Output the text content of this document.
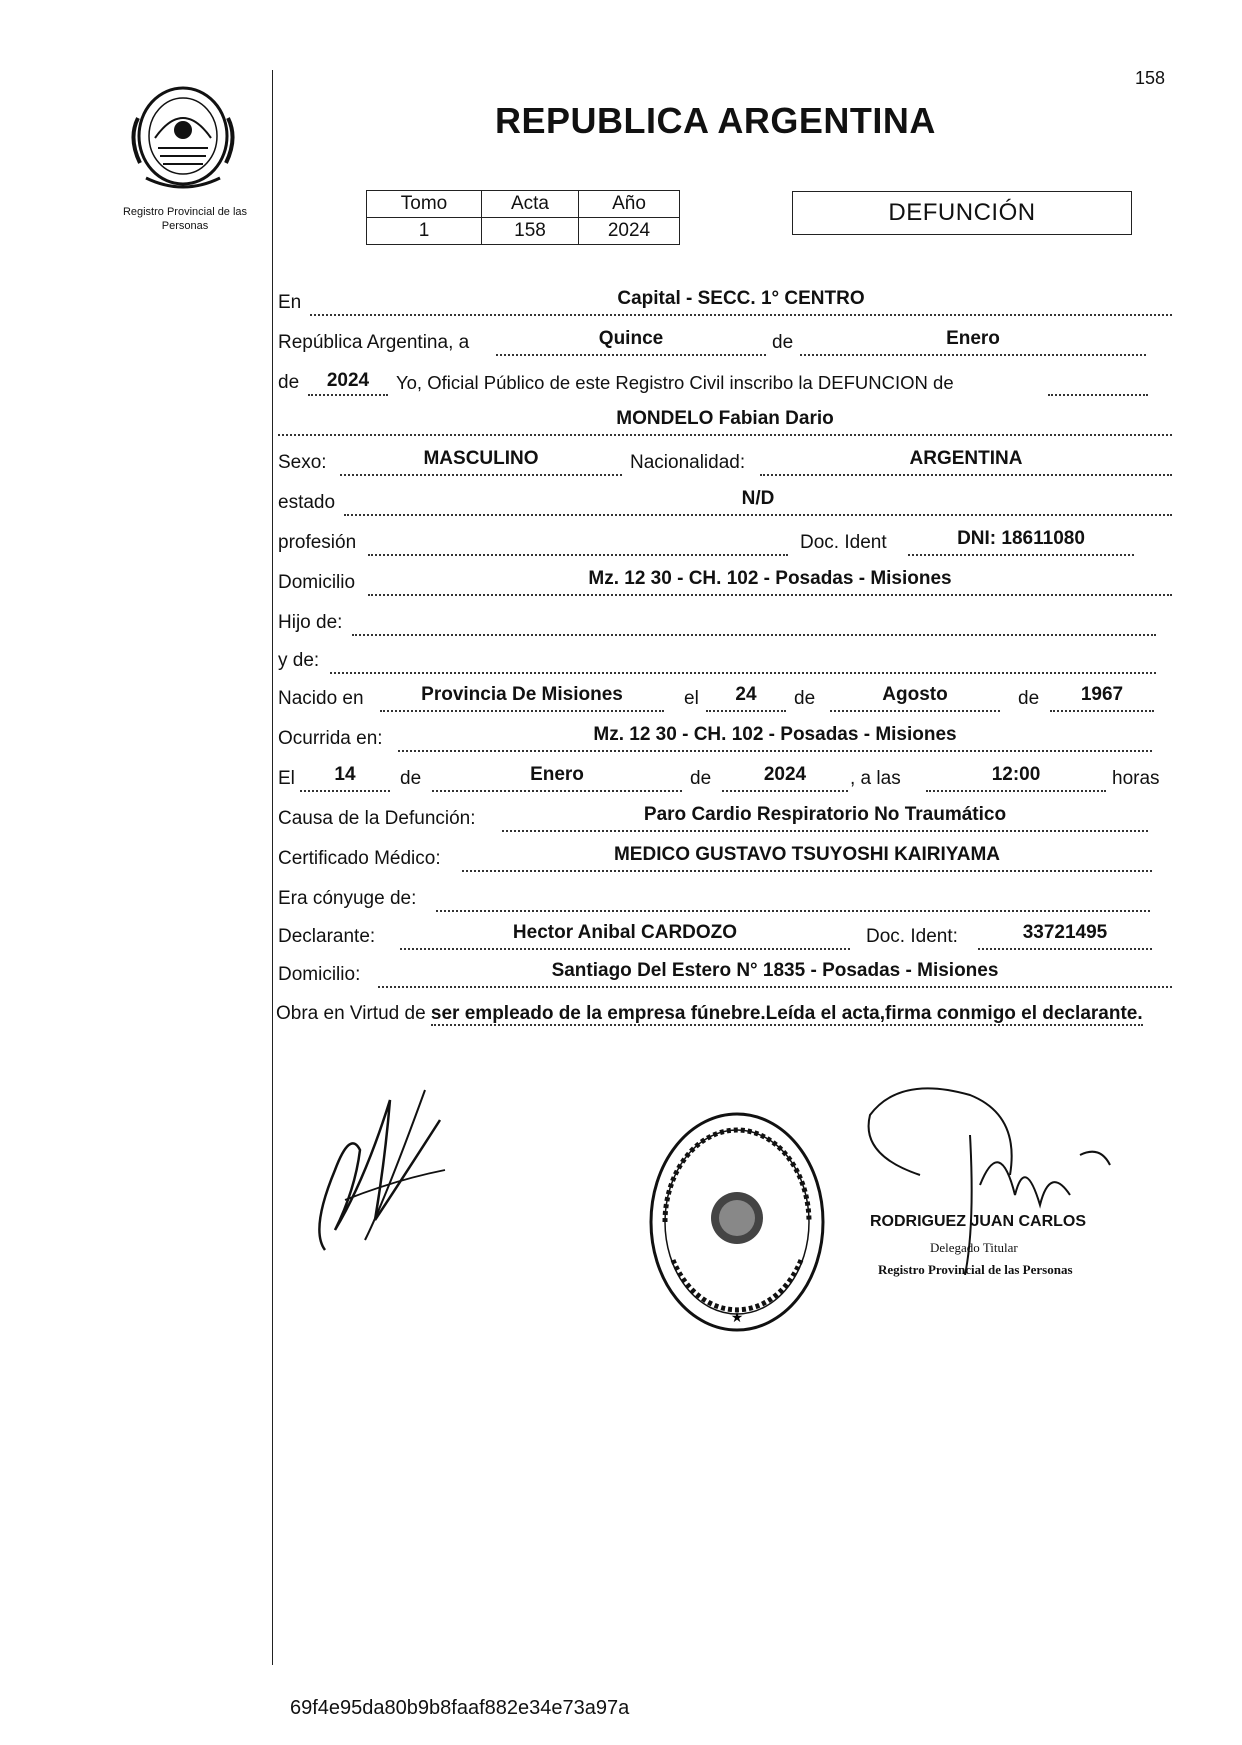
Registro Provincial de las Personas
158
REPUBLICA ARGENTINA
Tomo	Acta	Año
1	158	2024
DEFUNCIÓN
En	Capital - SECC. 1° CENTRO
República Argentina, a	Quince	de	Enero
de	2024	Yo, Oficial Público de este Registro Civil inscribo la DEFUNCION de
MONDELO Fabian Dario
Sexo:	MASCULINO	Nacionalidad:	ARGENTINA
estado	N/D
profesión	Doc. Ident	DNI: 18611080
Domicilio	Mz. 12 30 - CH. 102 - Posadas - Misiones
Hijo de:
y de:
Nacido en	Provincia De Misiones	el	24	de	Agosto	de	1967
Ocurrida en:	Mz. 12 30 - CH. 102 - Posadas - Misiones
El	14	de	Enero	de	2024	, a las	12:00	horas
Causa de la Defunción:	Paro Cardio Respiratorio No Traumático
Certificado Médico:	MEDICO GUSTAVO TSUYOSHI KAIRIYAMA
Era cónyuge de:
Declarante:	Hector Anibal CARDOZO	Doc. Ident:	33721495
Domicilio:	Santiago Del Estero N° 1835 - Posadas - Misiones
Obra en Virtud de ser empleado de la empresa fúnebre.Leída el acta,firma conmigo el declarante.
★
RODRIGUEZ JUAN CARLOS
Delegado Titular
Registro Provincial de las Personas
69f4e95da80b9b8faaf882e34e73a97a
